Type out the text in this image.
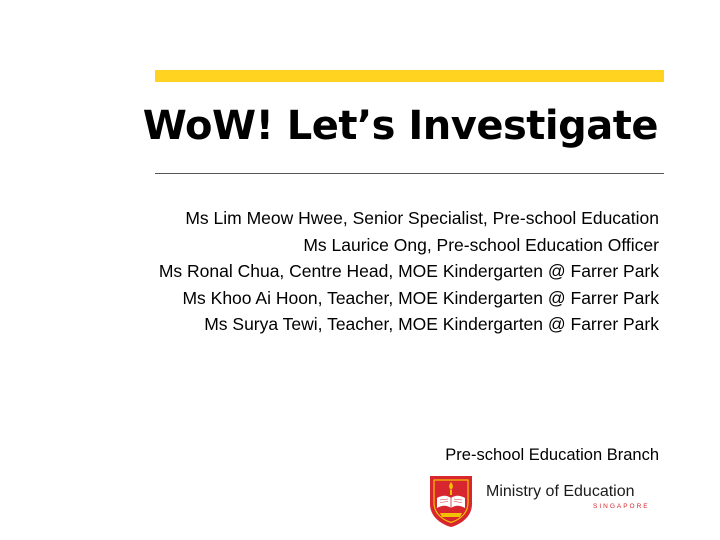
WoW! Let’s Investigate
Ms Lim Meow Hwee, Senior Specialist, Pre-school Education
Ms Laurice Ong, Pre-school Education Officer
Ms Ronal Chua, Centre Head, MOE Kindergarten @ Farrer Park
Ms Khoo Ai Hoon, Teacher, MOE Kindergarten @ Farrer Park
Ms Surya Tewi, Teacher, MOE Kindergarten @ Farrer Park
Pre-school Education Branch
Ministry of Education
SINGAPORE
